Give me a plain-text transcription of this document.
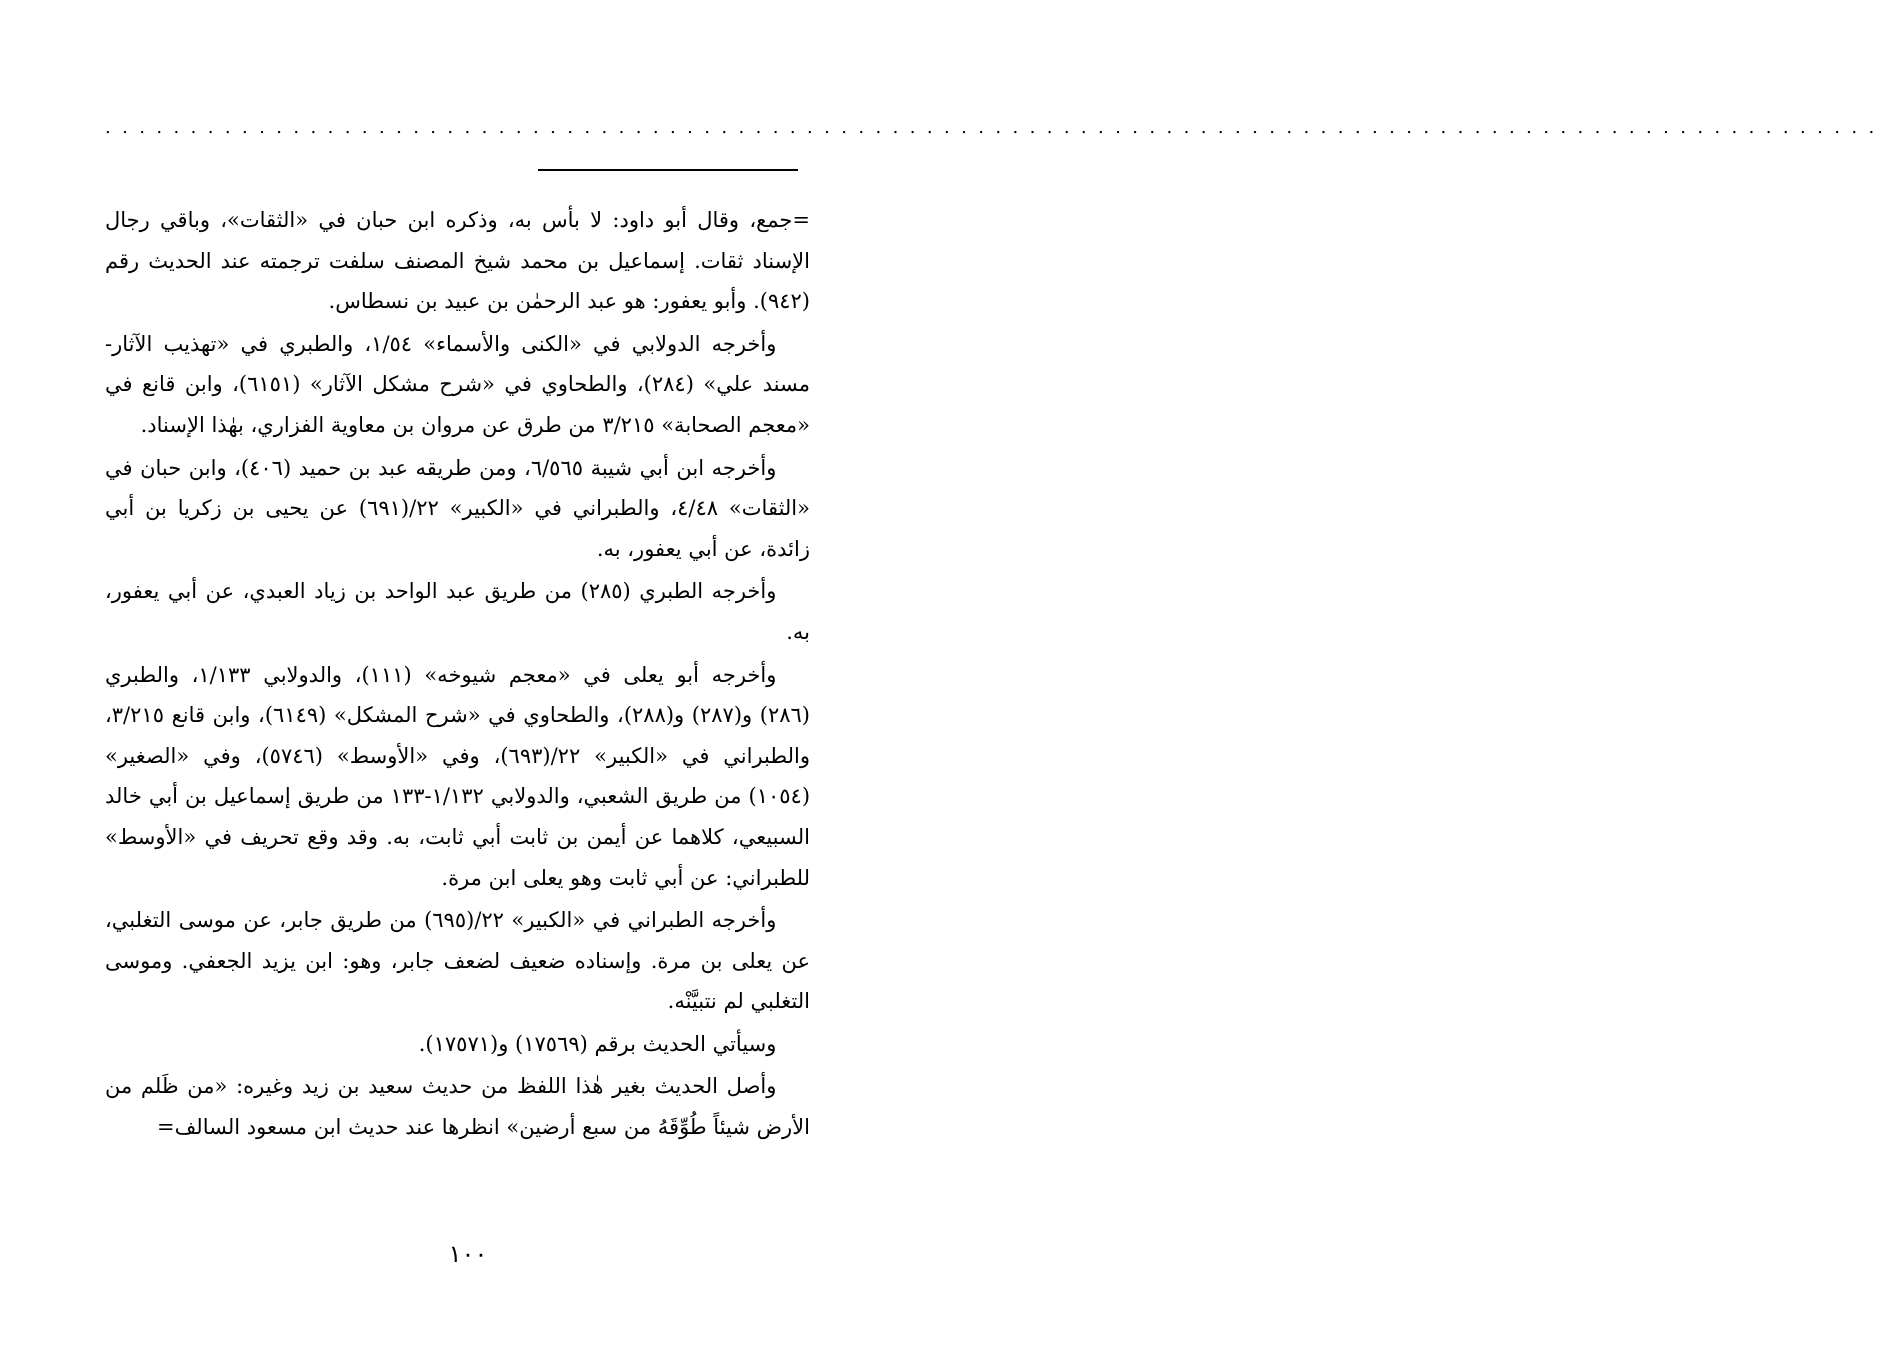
........................................................................................................

=جمع، وقال أبو داود: لا بأس به، وذكره ابن حبان في «الثقات»، وباقي رجال الإسناد ثقات. إسماعيل بن محمد شيخ المصنف سلفت ترجمته عند الحديث رقم (٩٤٢). وأبو يعفور: هو عبد الرحمٰن بن عبيد بن نسطاس.

وأخرجه الدولابي في «الكنى والأسماء» ١/٥٤، والطبري في «تهذيب الآثار- مسند علي» (٢٨٤)، والطحاوي في «شرح مشكل الآثار» (٦١٥١)، وابن قانع في «معجم الصحابة» ٣/٢١٥ من طرق عن مروان بن معاوية الفزاري، بهٰذا الإسناد.

وأخرجه ابن أبي شيبة ٦/٥٦٥، ومن طريقه عبد بن حميد (٤٠٦)، وابن حبان في «الثقات» ٤/٤٨، والطبراني في «الكبير» ٢٢/(٦٩١) عن يحيى بن زكريا بن أبي زائدة، عن أبي يعفور، به.

وأخرجه الطبري (٢٨٥) من طريق عبد الواحد بن زياد العبدي، عن أبي يعفور، به.

وأخرجه أبو يعلى في «معجم شيوخه» (١١١)، والدولابي ١/١٣٣، والطبري (٢٨٦) و(٢٨٧) و(٢٨٨)، والطحاوي في «شرح المشكل» (٦١٤٩)، وابن قانع ٣/٢١٥، والطبراني في «الكبير» ٢٢/(٦٩٣)، وفي «الأوسط» (٥٧٤٦)، وفي «الصغير» (١٠٥٤) من طريق الشعبي، والدولابي ١/١٣٢-١٣٣ من طريق إسماعيل بن أبي خالد السبيعي، كلاهما عن أيمن بن ثابت أبي ثابت، به. وقد وقع تحريف في «الأوسط» للطبراني: عن أبي ثابت وهو يعلى ابن مرة.

وأخرجه الطبراني في «الكبير» ٢٢/(٦٩٥) من طريق جابر، عن موسى التغلبي، عن يعلى بن مرة. وإسناده ضعيف لضعف جابر، وهو: ابن يزيد الجعفي. وموسى التغلبي لم نتبيَّنْه.

وسيأتي الحديث برقم (١٧٥٦٩) و(١٧٥٧١).

وأصل الحديث بغير هٰذا اللفظ من حديث سعيد بن زيد وغيره: «من ظَلم من الأرض شيئاً طُوِّقَهُ من سبع أرضين» انظرها عند حديث ابن مسعود السالف=

١٠٠
